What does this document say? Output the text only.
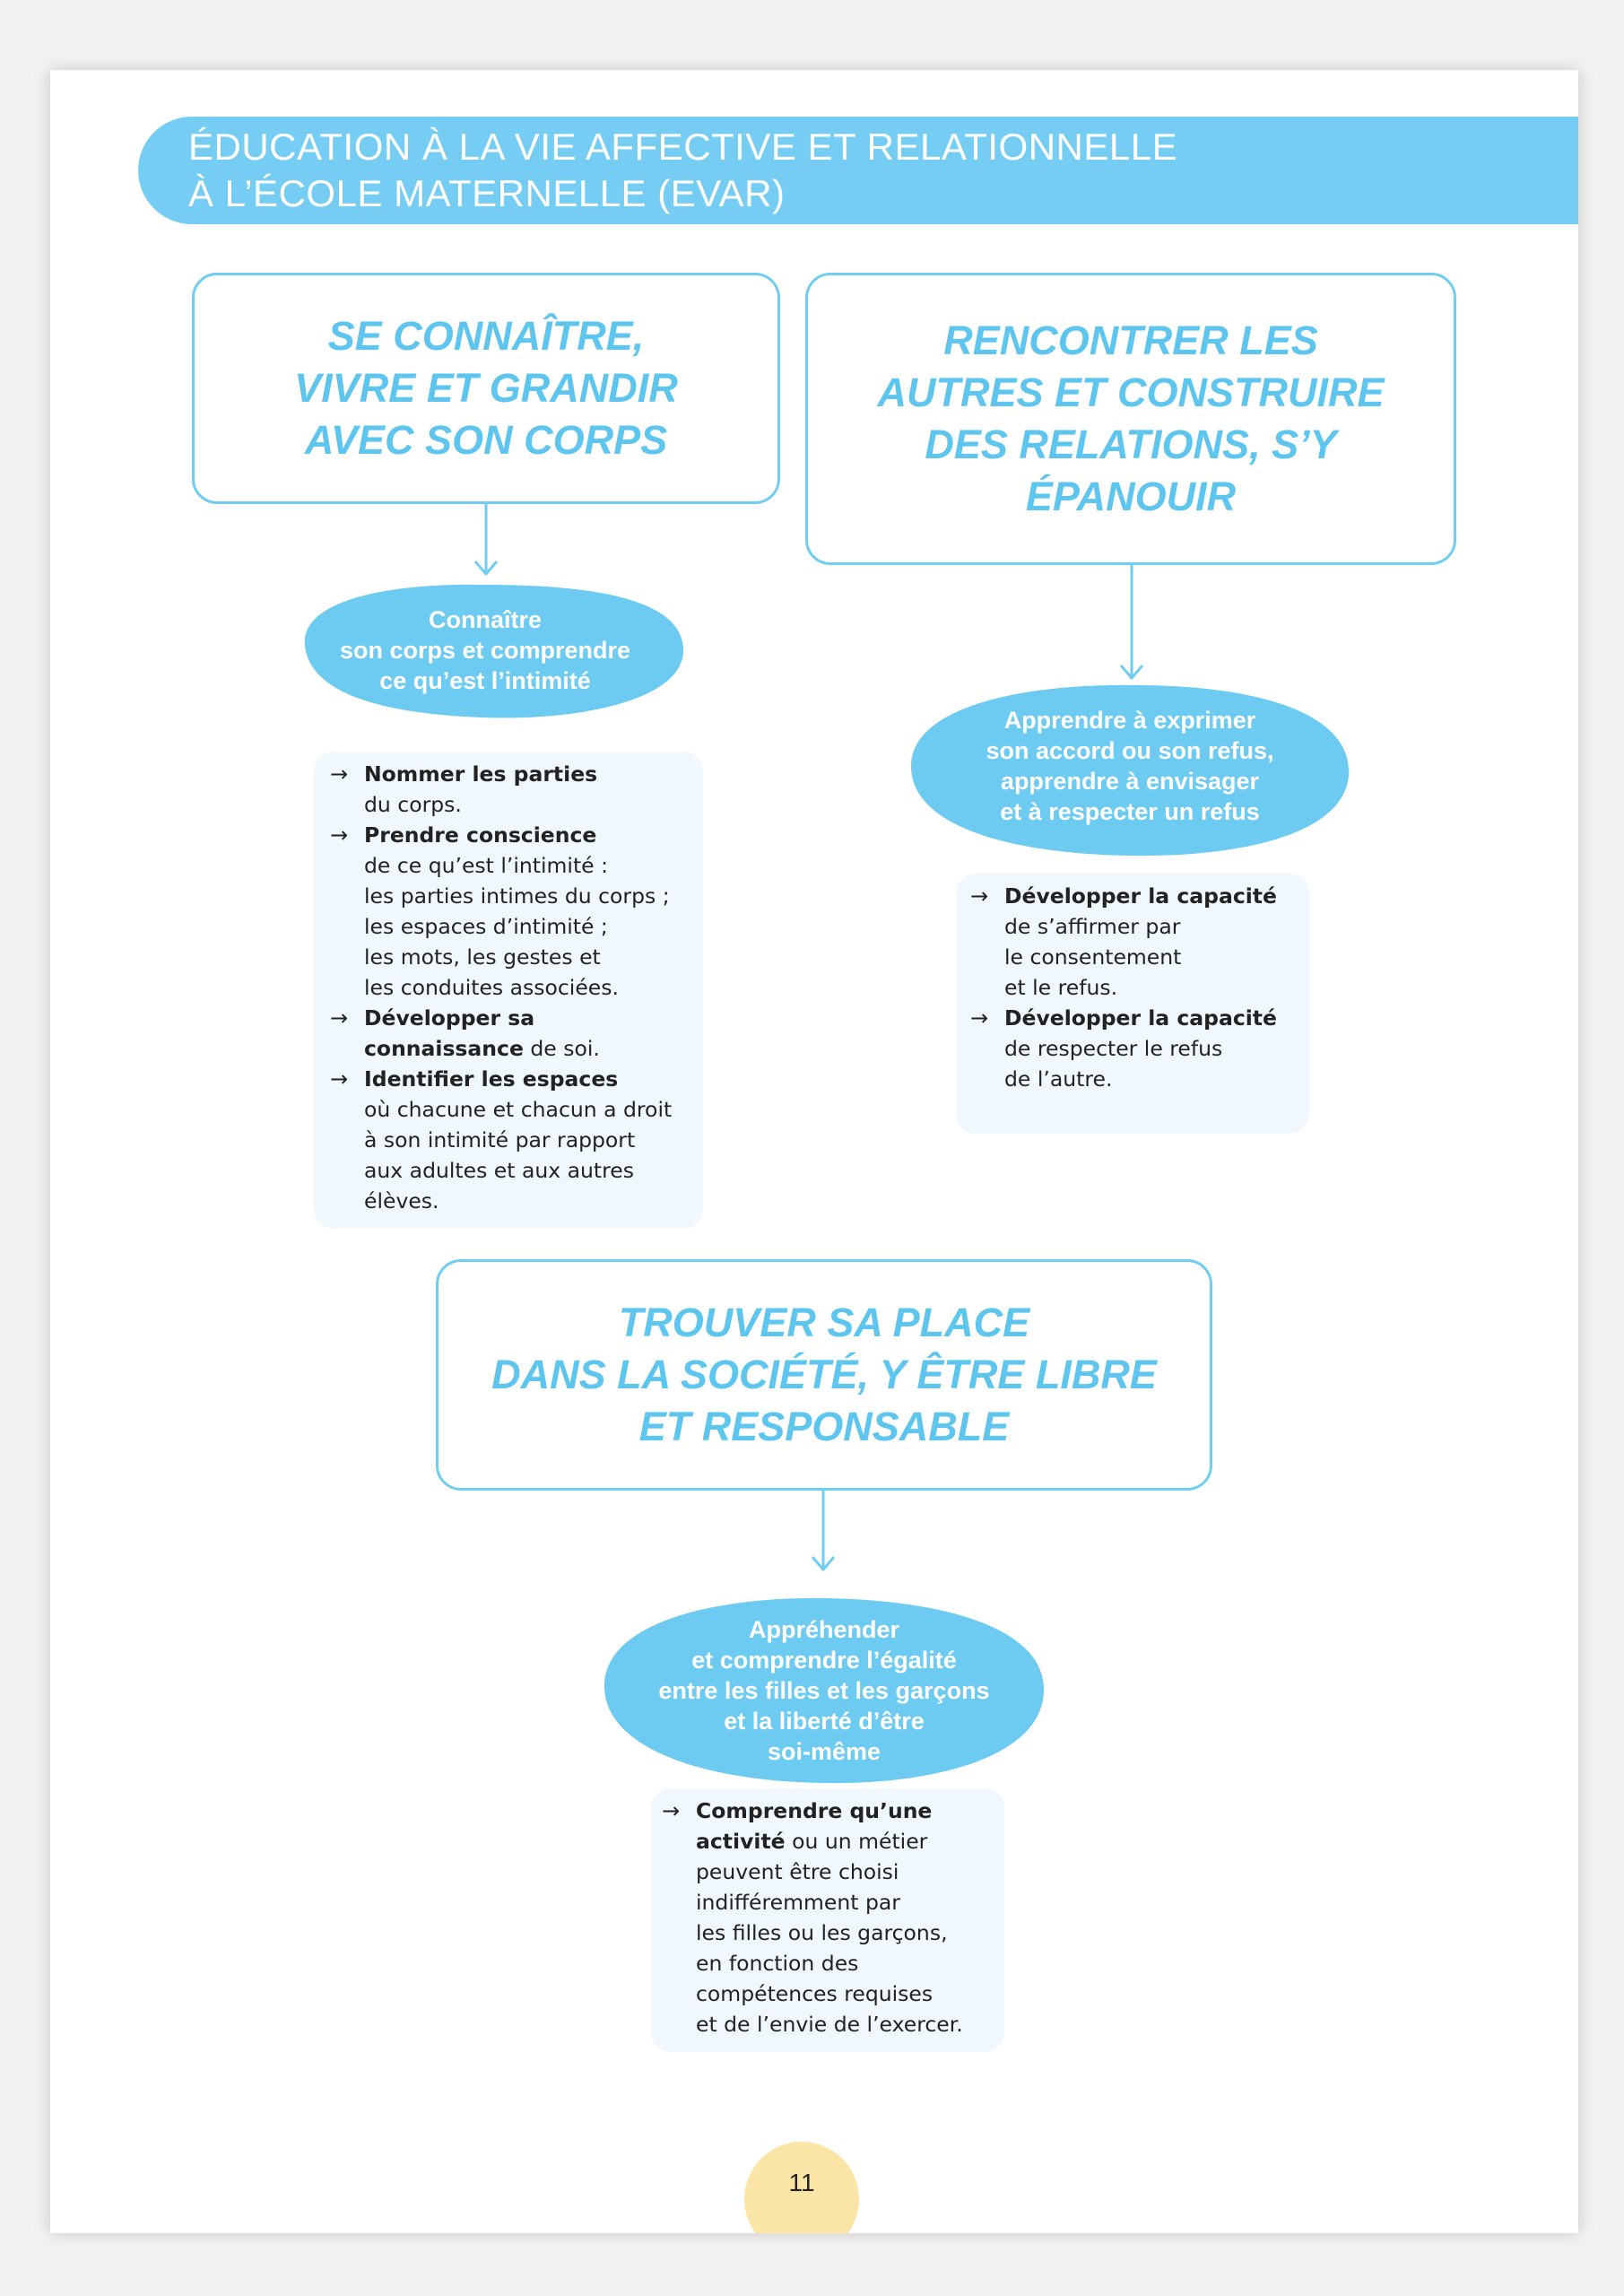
ÉDUCATION À LA VIE AFFECTIVE ET RELATIONNELLE

À L’ÉCOLE MATERNELLE (EVAR)

SE CONNAÎTRE,
VIVRE ET GRANDIR
AVEC SON CORPS

Connaître
son corps et comprendre
ce qu’est l’intimité

→ Nommer les parties
du corps.

→ Prendre conscience
de ce qu’est l’intimité :
les parties intimes du corps ;
les espaces d’intimité ;
les mots, les gestes et
les conduites associées.

→ Développer sa
connaissance de soi.

→ Identifier les espaces
où chacune et chacun a droit
à son intimité par rapport
aux adultes et aux autres
élèves.

RENCONTRER LES
AUTRES ET CONSTRUIRE
DES RELATIONS, S’Y
ÉPANOUIR

Apprendre à exprimer
son accord ou son refus,
apprendre à envisager
et à respecter un refus

→ Développer la capacité
de s’affirmer par
le consentement
et le refus.

→ Développer la capacité
de respecter le refus
de l’autre.

TROUVER SA PLACE
DANS LA SOCIÉTÉ, Y ÊTRE LIBRE
ET RESPONSABLE

Appréhender
et comprendre l’égalité
entre les filles et les garçons
et la liberté d’être
soi-même

→ Comprendre qu’une
activité ou un métier
peuvent être choisi
indifféremment par
les filles ou les garçons,
en fonction des
compétences requises
et de l’envie de l’exercer.

11
